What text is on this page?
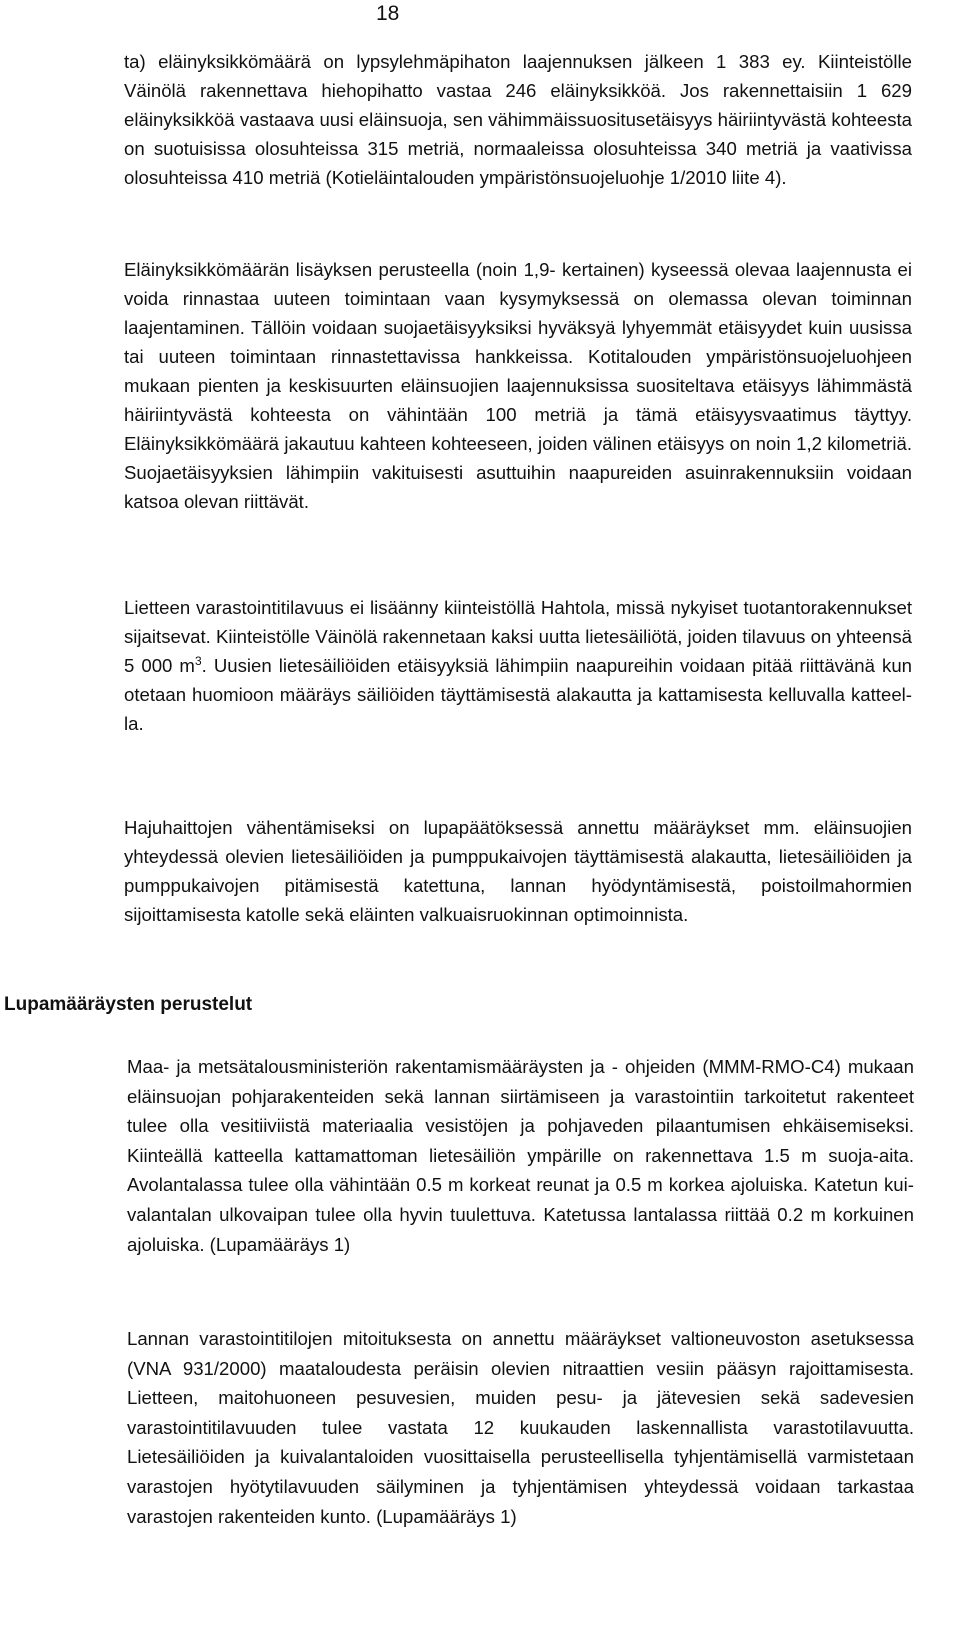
18

ta) eläinyksikkömäärä on lypsylehmäpihaton laajennuksen jälkeen 1 383 ey. Kiinteistölle Väinölä rakennettava hiehopihatto vastaa 246 eläinyksikköä. Jos rakennettaisiin 1 629 eläinyksikköä vastaava uusi eläinsuoja, sen vähimmäissuositusetäisyys häiriintyvästä kohteesta on suotuisissa olosuhteissa 315 metriä, normaaleissa olosuhteissa 340 metriä ja vaativissa olosuhteissa 410 metriä (Kotieläintalouden ympäristönsuojeluohje 1/2010 liite 4).

Eläinyksikkömäärän lisäyksen perusteella (noin 1,9- kertainen) kyseessä olevaa laajennusta ei voida rinnastaa uuteen toimintaan vaan kysymyksessä on olemassa olevan toiminnan laajentaminen. Tällöin voidaan suojaetäisyyksiksi hyväksyä lyhyemmät etäisyydet kuin uusissa tai uuteen toimintaan rinnastettavissa hankkeissa. Kotitalouden ympäristönsuojeluohjeen mukaan pienten ja keskisuurten eläinsuojien laajennuksissa suositeltava etäisyys lähimmästä häiriintyvästä kohteesta on vähintään 100 metriä ja tämä etäisyysvaatimus täyttyy. Eläinyksikkömäärä jakautuu kahteen kohteeseen, joiden välinen etäisyys on noin 1,2 kilometriä. Suojaetäisyyksien lähimpiin vakituisesti asuttuihin naapureiden asuinrakennuksiin voidaan katsoa olevan riittävät.

Lietteen varastointitilavuus ei lisäänny kiinteistöllä Hahtola, missä nykyiset tuotantorakennukset sijaitsevat. Kiinteistölle Väinölä rakennetaan kaksi uutta lietesäiliötä, joiden tilavuus on yhteensä 5 000 $m^3$. Uusien lietesäiliöiden etäisyyksiä lähimpiin naapureihin voidaan pitää riittävänä kun otetaan huomioon määräys säiliöiden täyttämisestä alakautta ja kattamisesta kelluvalla katteella.

Hajuhaittojen vähentämiseksi on lupapäätöksessä annettu määräykset mm. eläinsuojien yhteydessä olevien lietesäiliöiden ja pumppukaivojen täyttämisestä alakautta, lietesäiliöiden ja pumppukaivojen pitämisestä katettuna, lannan hyödyntämisestä, poistoilmahormien sijoittamisesta katolle sekä eläinten valkuaisruokinnan optimoinnista.

Lupamääräysten perustelut

Maa- ja metsätalousministeriön rakentamismääräysten ja - ohjeiden (MMM-RMO-C4) mukaan eläinsuojan pohjarakenteiden sekä lannan siirtämiseen ja varastointiin tarkoitetut rakenteet tulee olla vesitiiviistä materiaalia vesistöjen ja pohjaveden pilaantumisen ehkäisemiseksi. Kiinteällä katteella kattamattoman lietesäiliön ympärille on rakennettava 1.5 m suoja-aita. Avolantalassa tulee olla vähintään 0.5 m korkeat reunat ja 0.5 m korkea ajoluiska. Katetun kuivalantalan ulkovaipan tulee olla hyvin tuulettuva. Katetussa lantalassa riittää 0.2 m korkuinen ajoluiska. (Lupamääräys 1)

Lannan varastointitilojen mitoituksesta on annettu määräykset valtioneuvoston asetuksessa (VNA 931/2000) maataloudesta peräisin olevien nitraattien vesiin pääsyn rajoittamisesta. Lietteen, maitohuoneen pesuvesien, muiden pesu- ja jätevesien sekä sadevesien varastointitilavuuden tulee vastata 12 kuukauden laskennallista varastotilavuutta. Lietesäiliöiden ja kuivalantaloiden vuosittaisella perusteellisella tyhjentämisellä varmistetaan varastojen hyötytilavuuden säilyminen ja tyhjentämisen yhteydessä voidaan tarkastaa varastojen rakenteiden kunto. (Lupamääräys 1)
